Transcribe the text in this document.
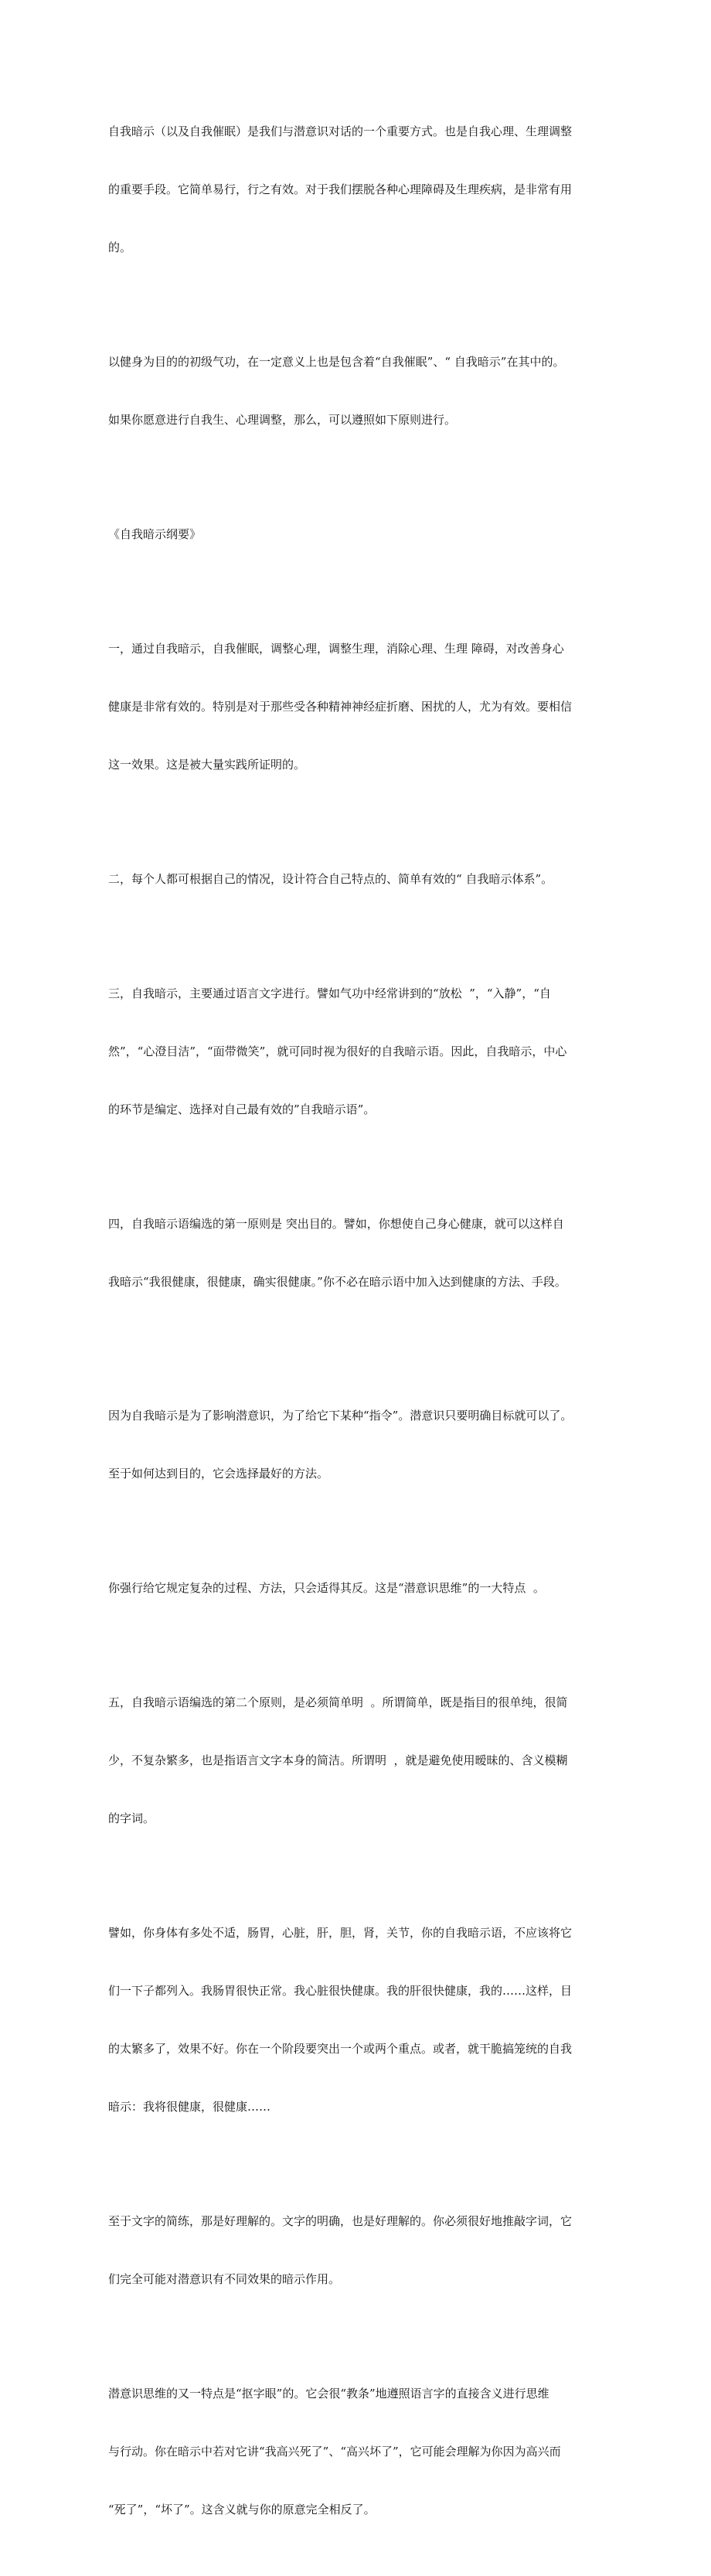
自我暗示（以及自我催眠）是我们与潜意识对话的一个重要方式。也是自我心理、生理调整

的重要手段。它简单易行，行之有效。对于我们摆脱各种心理障碍及生理疾病，是非常有用

的。

以健身为目的的初级气功，在一定意义上也是包含着“自我催眠”、“ 自我暗示”在其中的。

如果你愿意进行自我生、心理调整，那么，可以遵照如下原则进行。

《自我暗示纲要》

一，通过自我暗示，自我催眠，调整心理，调整生理，消除心理、生理 障碍，对改善身心

健康是非常有效的。特别是对于那些受各种精神神经症折磨、困扰的人，尤为有效。要相信

这一效果。这是被大量实践所证明的。

二，每个人都可根据自己的情况，设计符合自己特点的、简单有效的“ 自我暗示体系”。

三，自我暗示，主要通过语言文字进行。譬如气功中经常讲到的“放松  ”，“入静”，“自

然”，“心澄目洁”，“面带微笑”，就可同时视为很好的自我暗示语。因此，自我暗示，中心

的环节是编定、选择对自己最有效的”自我暗示语”。

四，自我暗示语编选的第一原则是 突出目的。譬如，你想使自己身心健康，就可以这样自

我暗示“我很健康，很健康，确实很健康。”你不必在暗示语中加入达到健康的方法、手段。

因为自我暗示是为了影响潜意识，为了给它下某种“指令”。潜意识只要明确目标就可以了。

至于如何达到目的，它会选择最好的方法。

你强行给它规定复杂的过程、方法，只会适得其反。这是“潜意识思维”的一大特点  。

五，自我暗示语编选的第二个原则，是必须简单明  。所谓简单，既是指目的很单纯，很简

少，不复杂繁多，也是指语言文字本身的简洁。所谓明  ，就是避免使用暧昧的、含义模糊

的字词。

譬如，你身体有多处不适，肠胃，心脏，肝，胆，肾，关节，你的自我暗示语，不应该将它

们一下子都列入。我肠胃很快正常。我心脏很快健康。我的肝很快健康，我的……这样，目

的太繁多了，效果不好。你在一个阶段要突出一个或两个重点。或者，就干脆搞笼统的自我

暗示：我将很健康，很健康……

至于文字的简练，那是好理解的。文字的明确，也是好理解的。你必须很好地推敲字词，它

们完全可能对潜意识有不同效果的暗示作用。

潜意识思维的又一特点是“抠字眼”的。它会很“教条”地遵照语言字的直接含义进行思维

与行动。你在暗示中若对它讲“我高兴死了”、“高兴坏了”，它可能会理解为你因为高兴而

“死了”，“坏了”。这含义就与你的原意完全相反了。
